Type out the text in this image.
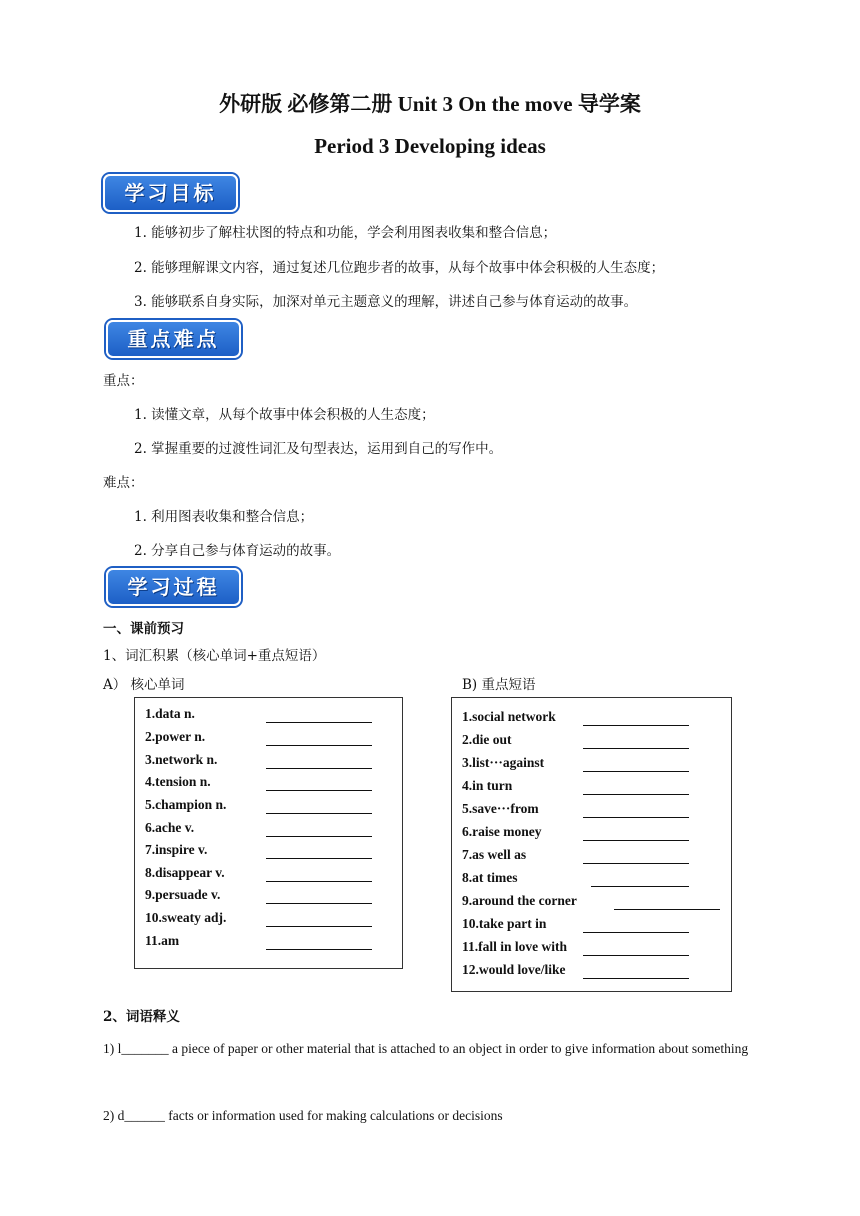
外研版 必修第二册 Unit 3 On the move 导学案
Period 3 Developing ideas
学习目标
1. 能够初步了解柱状图的特点和功能，学会利用图表收集和整合信息；
2. 能够理解课文内容，通过复述几位跑步者的故事，从每个故事中体会积极的人生态度；
3. 能够联系自身实际，加深对单元主题意义的理解，讲述自己参与体育运动的故事。
重点难点
重点：
1. 读懂文章，从每个故事中体会积极的人生态度；
2. 掌握重要的过渡性词汇及句型表达，运用到自己的写作中。
难点：
1. 利用图表收集和整合信息；
2. 分享自己参与体育运动的故事。
学习过程
一、课前预习
1、词汇积累（核心单词+重点短语）
A） 核心单词	B) 重点短语
1.data n.
2.power n.
3.network n.
4.tension n.
5.champion n.
6.ache v.
7.inspire v.
8.disappear v.
9.persuade v.
10.sweaty adj.
11.am
1.social network
2.die out
3.list···against
4.in turn
5.save···from
6.raise money
7.as well as
8.at times
9.around the corner
10.take part in
11.fall in love with
12.would love/like
2、词语释义
1) l_______ a piece of paper or other material that is attached to an object in order to give information about something
2) d______ facts or information used for making calculations or decisions
